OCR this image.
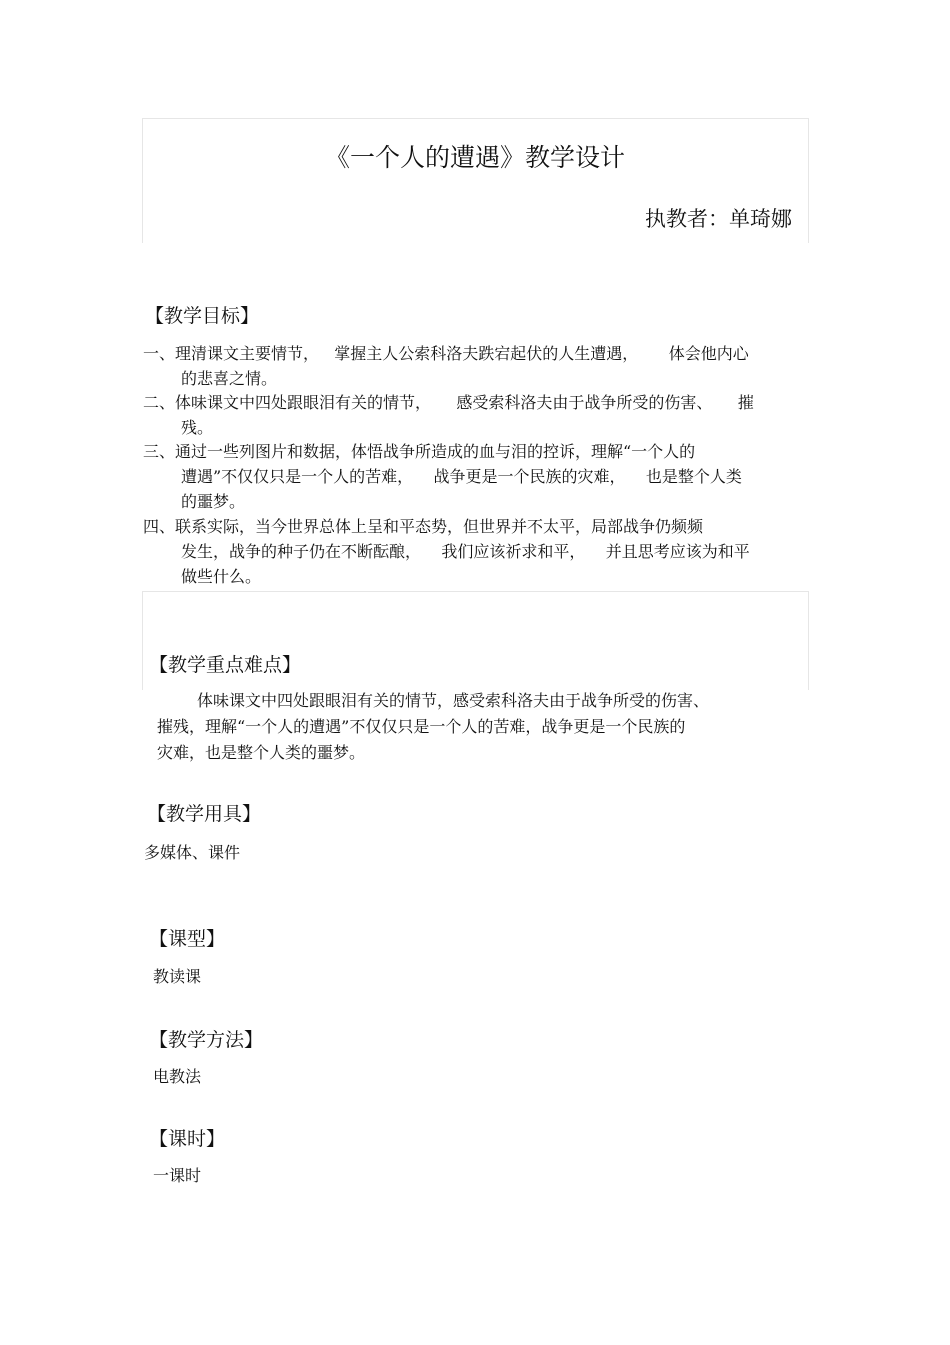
《一个人的遭遇》教学设计
执教者：单琦娜
【教学目标】
一、理清课文主要情节，   掌握主人公索科洛夫跌宕起伏的人生遭遇，      体会他内心
的悲喜之情。
二、体味课文中四处跟眼泪有关的情节，     感受索科洛夫由于战争所受的伤害、     摧
残。
三、通过一些列图片和数据，体悟战争所造成的血与泪的控诉，理解“一个人的
遭遇”不仅仅只是一个人的苦难，    战争更是一个民族的灾难，    也是整个人类
的噩梦。
四、联系实际，当今世界总体上呈和平态势，但世界并不太平，局部战争仍频频
发生，战争的种子仍在不断酝酿，    我们应该祈求和平，    并且思考应该为和平
做些什么。
【教学重点难点】
体味课文中四处跟眼泪有关的情节，感受索科洛夫由于战争所受的伤害、
摧残，理解“一个人的遭遇”不仅仅只是一个人的苦难，战争更是一个民族的
灾难，也是整个人类的噩梦。
【教学用具】
多媒体、课件
【课型】
教读课
【教学方法】
电教法
【课时】
一课时
